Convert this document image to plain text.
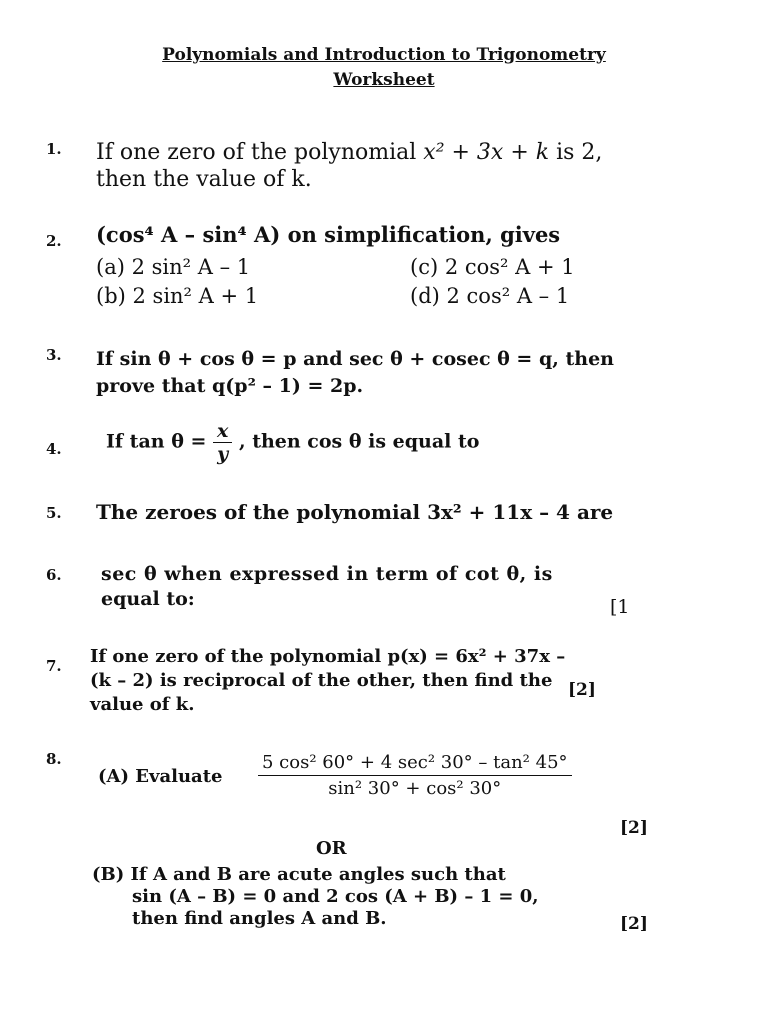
Polynomials and Introduction to Trigonometry
Worksheet
1. If one zero of the polynomial x² + 3x + k is 2,
then the value of k.
2. (cos⁴ A – sin⁴ A) on simplification, gives
(a) 2 sin² A – 1
(b) 2 sin² A + 1
(c) 2 cos² A + 1
(d) 2 cos² A – 1
3. If sin θ + cos θ = p and sec θ + cosec θ = q, then
prove that q(p² – 1) = 2p.
4. If $\tan \theta = \frac{x}{y}$ , then cos θ is equal to
5. The zeroes of the polynomial 3x² + 11x – 4 are
6. sec θ when expressed in term of cot θ, is
equal to:	[1
7. If one zero of the polynomial p(x) = 6x² + 37x –
(k – 2) is reciprocal of the other, then find the
value of k.
[2]
8.
(A) Evaluate $\frac{\text{5 cos² 60° + 4 sec² 30° – tan² 45°}}{\text{sin² 30° + cos² 30°}}$
[2]
OR
(B) If A and B are acute angles such that
sin (A – B) = 0 and 2 cos (A + B) – 1 = 0,
then find angles A and B.	[2]
